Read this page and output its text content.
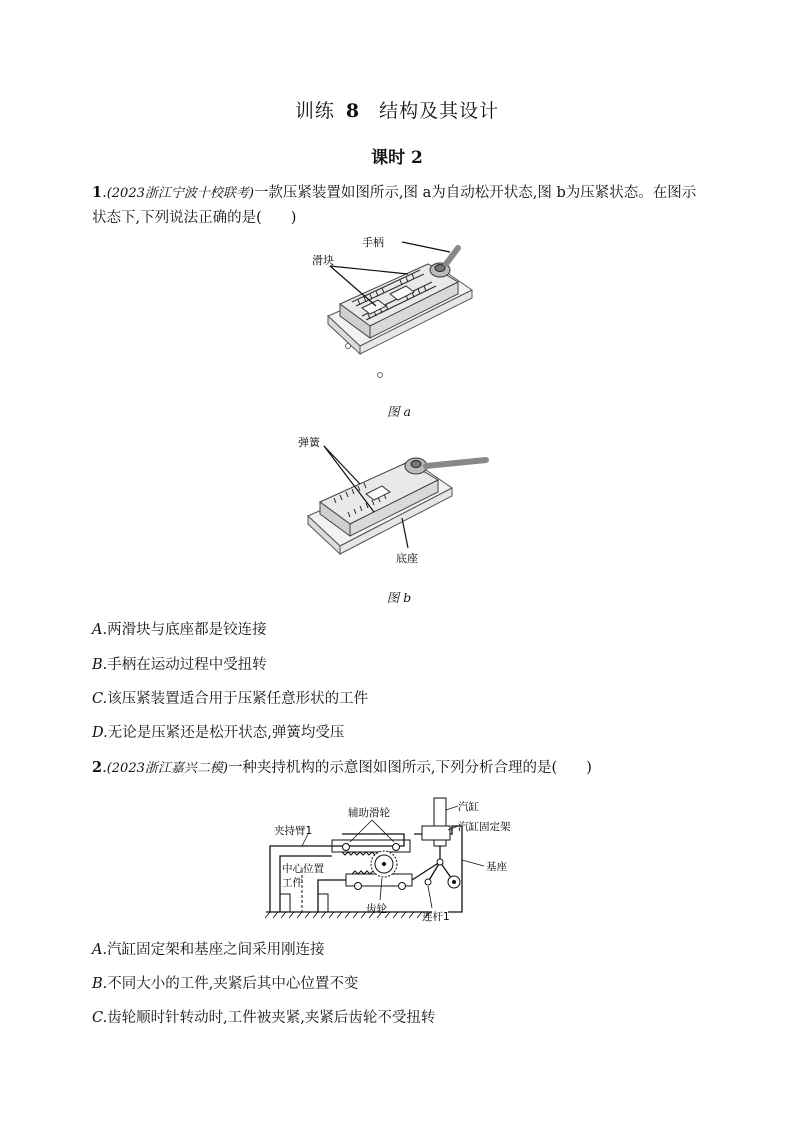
训练 8 结构及其设计
课时 2
1.(2023浙江宁波十校联考)一款压紧装置如图所示,图 a为自动松开状态,图 b为压紧状态。在图示
状态下,下列说法正确的是(　　)
手柄
滑块
图 a
弹簧
底座
图 b
A.两滑块与底座都是铰连接
B.手柄在运动过程中受扭转
C.该压紧装置适合用于压紧任意形状的工件
D.无论是压紧还是松开状态,弹簧均受压
2.(2023浙江嘉兴二模)一种夹持机构的示意图如图所示,下列分析合理的是(　　)
夹持臂1
辅助滑轮	汽缸
汽缸固定架
基座
中心位置
工件
齿轮
连杆1
A.汽缸固定架和基座之间采用刚连接
B.不同大小的工件,夹紧后其中心位置不变
C.齿轮顺时针转动时,工件被夹紧,夹紧后齿轮不受扭转
